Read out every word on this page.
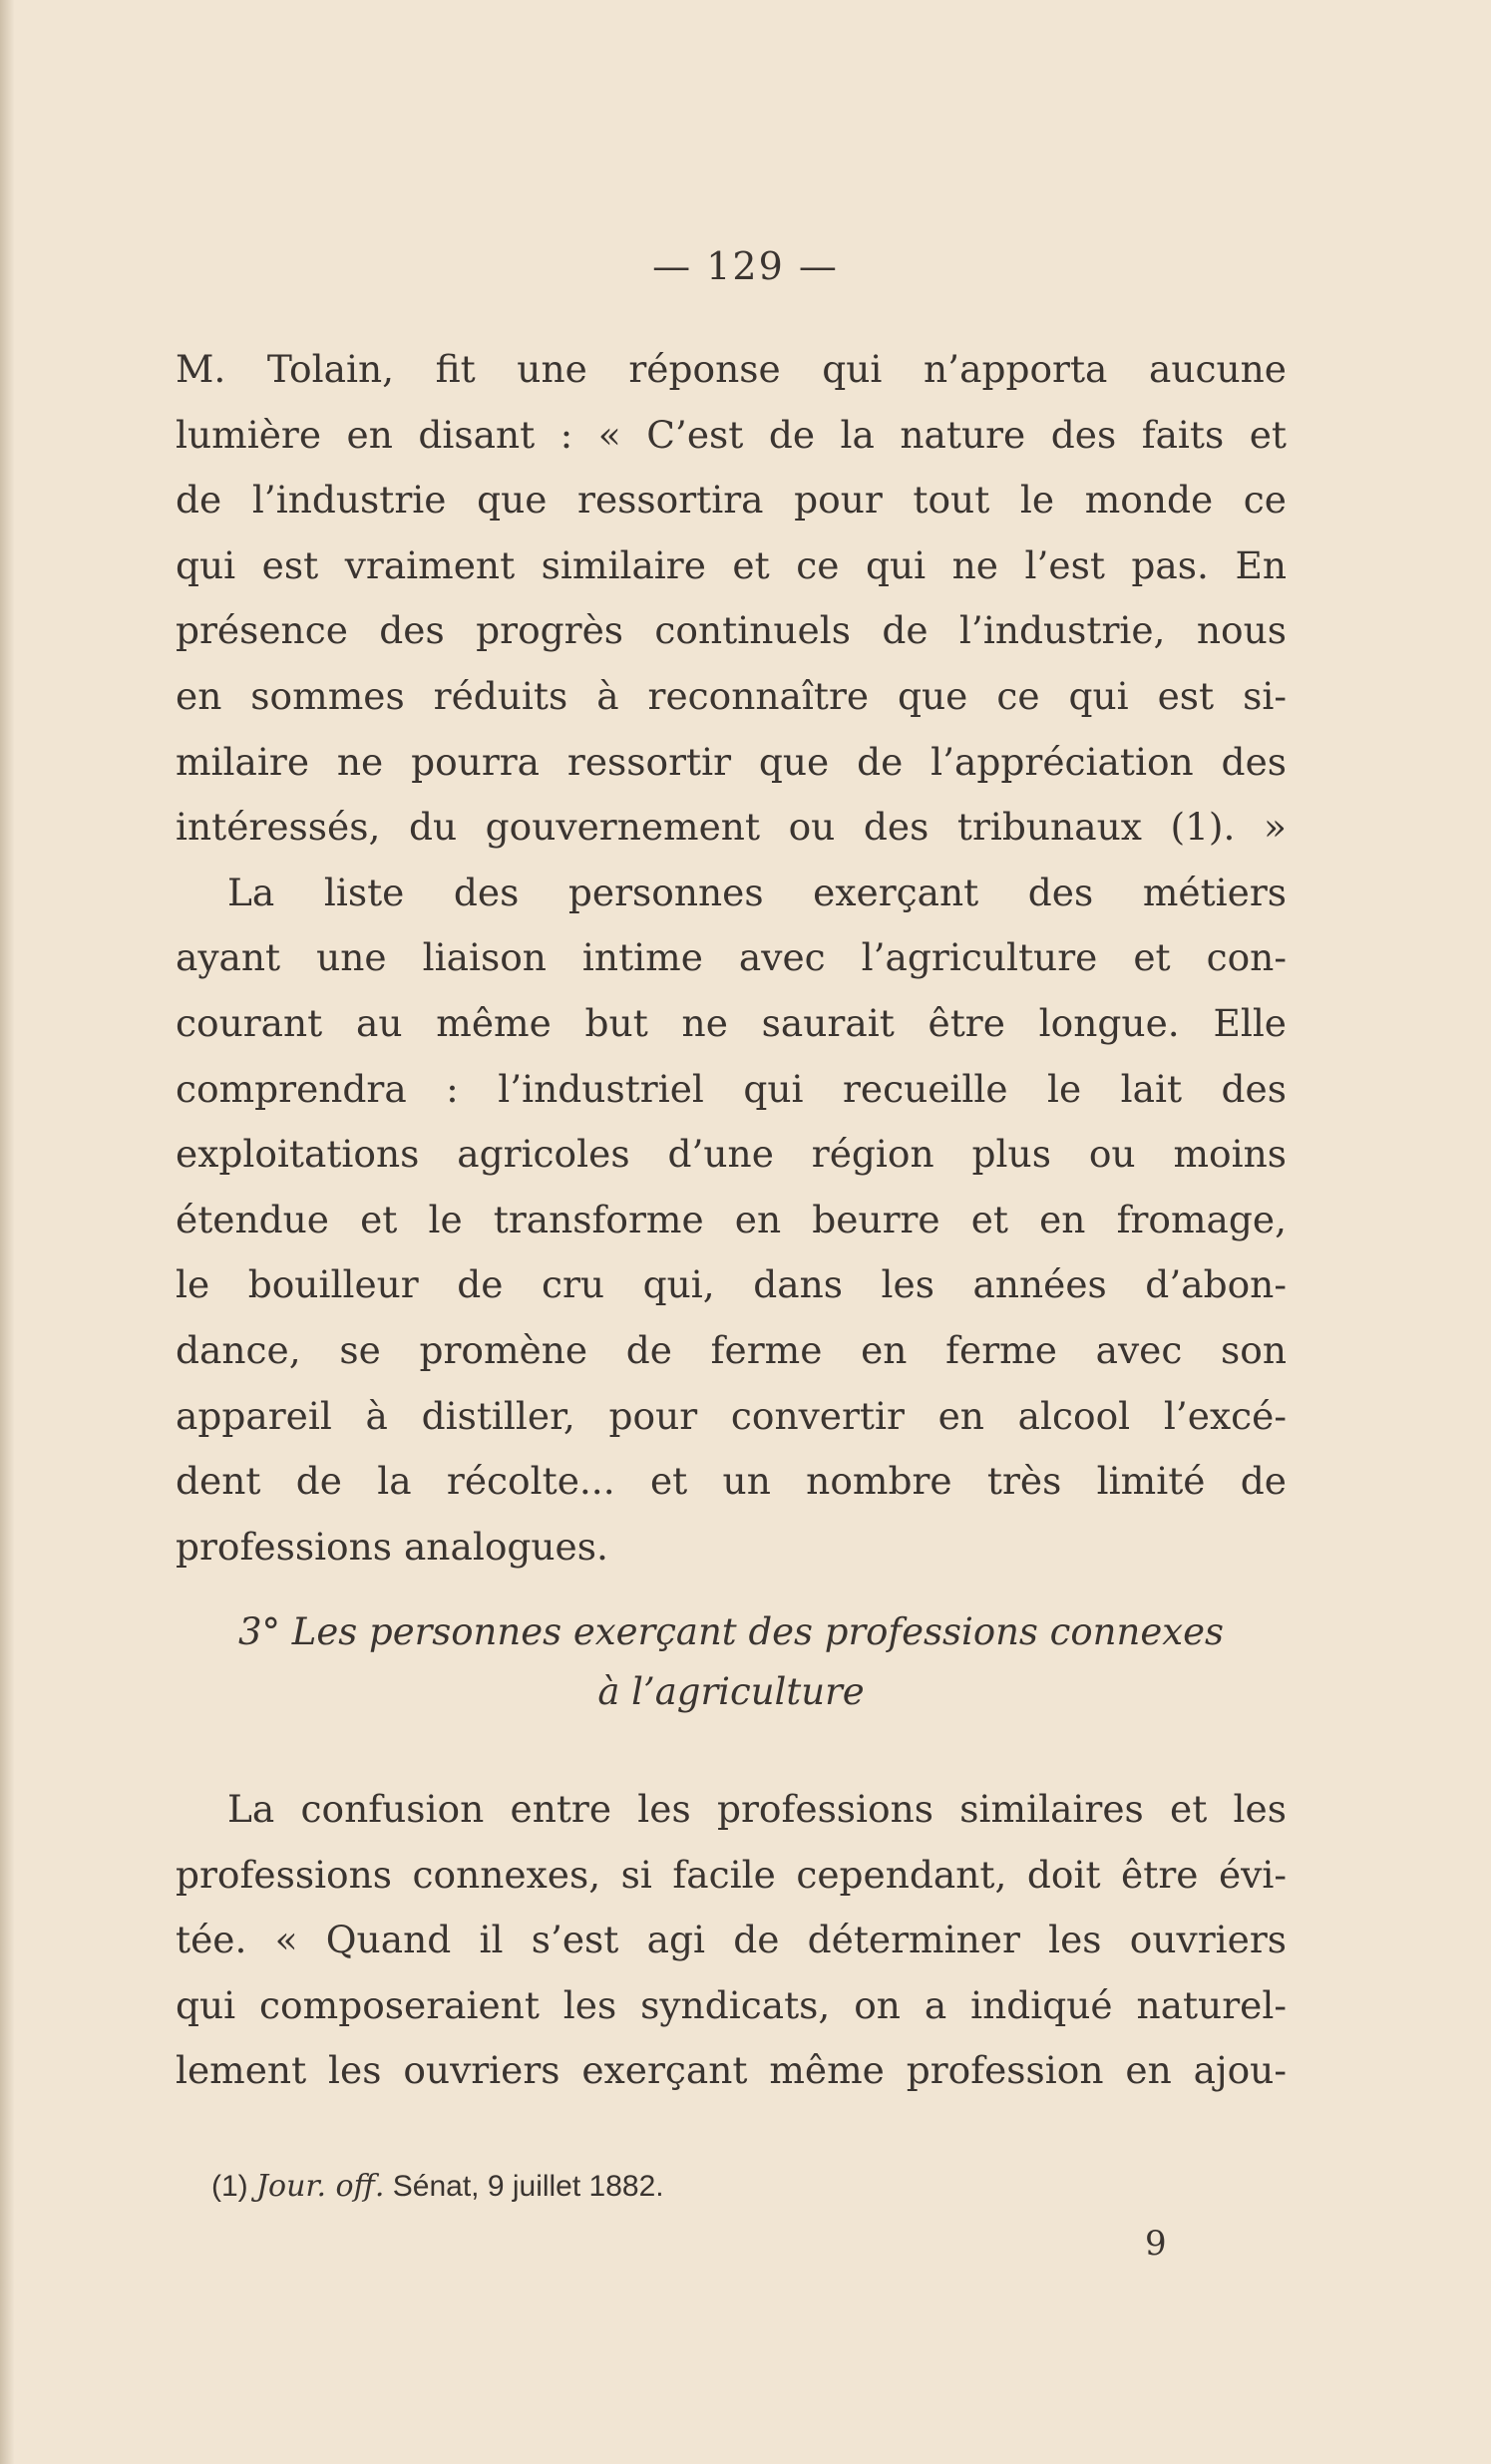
— 129 —
M. Tolain, fit une réponse qui n’apporta aucune
lumière en disant : « C’est de la nature des faits et
de l’industrie que ressortira pour tout le monde ce
qui est vraiment similaire et ce qui ne l’est pas. En
présence des progrès continuels de l’industrie, nous
en sommes réduits à reconnaître que ce qui est si-
milaire ne pourra ressortir que de l’appréciation des
intéressés, du gouvernement ou des tribunaux (1). »
La liste des personnes exerçant des métiers
ayant une liaison intime avec l’agriculture et con-
courant au même but ne saurait être longue. Elle
comprendra : l’industriel qui recueille le lait des
exploitations agricoles d’une région plus ou moins
étendue et le transforme en beurre et en fromage,
le bouilleur de cru qui, dans les années d’abon-
dance, se promène de ferme en ferme avec son
appareil à distiller, pour convertir en alcool l’excé-
dent de la récolte... et un nombre très limité de
professions analogues.
3° Les personnes exerçant des professions connexes
à l’agriculture
La confusion entre les professions similaires et les
professions connexes, si facile cependant, doit être évi-
tée. « Quand il s’est agi de déterminer les ouvriers
qui composeraient les syndicats, on a indiqué naturel-
lement les ouvriers exerçant même profession en ajou-
(1) Jour. off. Sénat, 9 juillet 1882.
9
